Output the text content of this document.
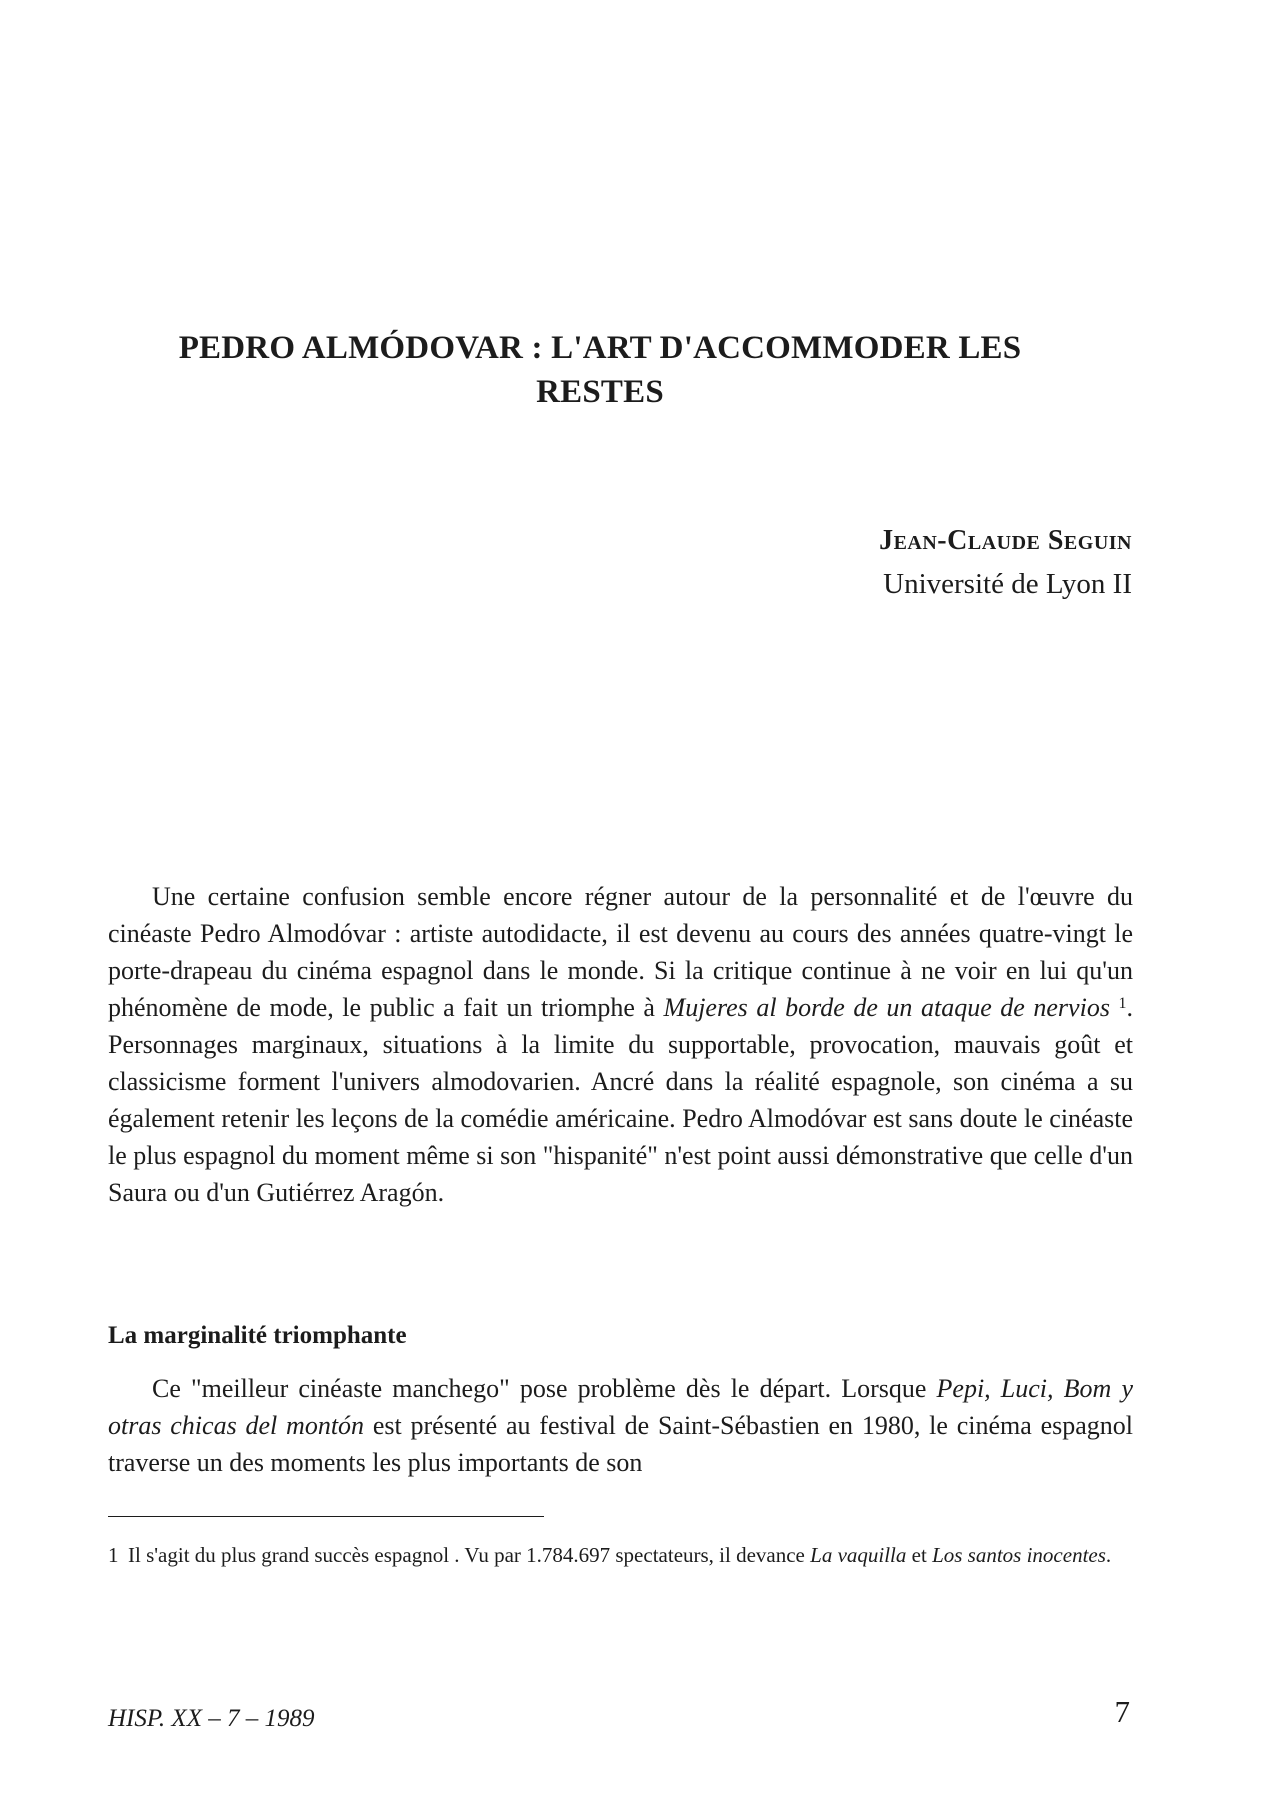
PEDRO ALMÓDOVAR : L'ART D'ACCOMMODER LES
RESTES
Jean-Claude Seguin
Université de Lyon II

Une certaine confusion semble encore régner autour de la personnalité et de l'œuvre du cinéaste Pedro Almodóvar : artiste autodidacte, il est devenu au cours des années quatre-vingt le porte-drapeau du cinéma espagnol dans le monde. Si la critique continue à ne voir en lui qu'un phénomène de mode, le public a fait un triomphe à Mujeres al borde de un ataque de nervios $^1$. Personnages marginaux, situations à la limite du supportable, provocation, mauvais goût et classicisme forment l'univers almodovarien. Ancré dans la réalité espagnole, son cinéma a su également retenir les leçons de la comédie américaine. Pedro Almodóvar est sans doute le cinéaste le plus espagnol du moment même si son "hispanité" n'est point aussi démonstrative que celle d'un Saura ou d'un Gutiérrez Aragón.

La marginalité triomphante

Ce "meilleur cinéaste manchego" pose problème dès le départ. Lorsque Pepi, Luci, Bom y otras chicas del montón est présenté au festival de Saint-Sébastien en 1980, le cinéma espagnol traverse un des moments les plus importants de son

1 Il s'agit du plus grand succès espagnol . Vu par 1.784.697 spectateurs, il devance La vaquilla et Los santos inocentes.

HISP. XX – 7 – 1989	7
